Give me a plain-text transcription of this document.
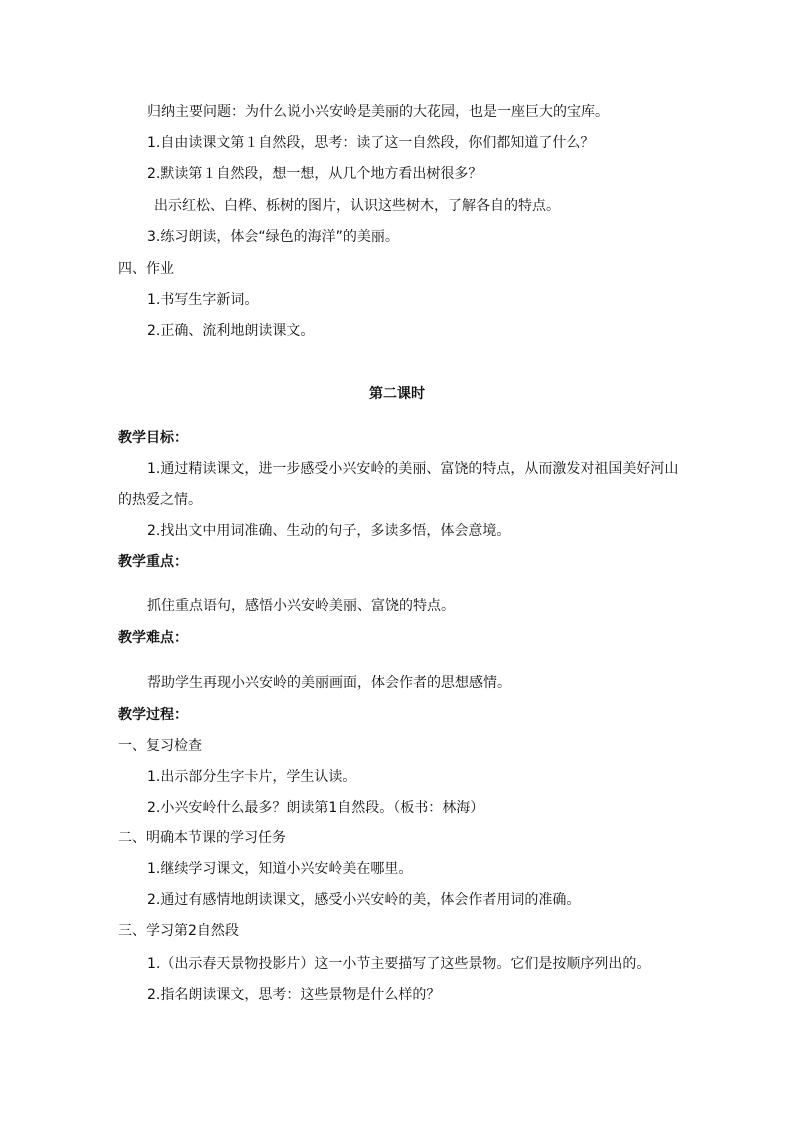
归纳主要问题：为什么说小兴安岭是美丽的大花园，也是一座巨大的宝库。
1.自由读课文第１自然段，思考：读了这一自然段，你们都知道了什么？
2.默读第１自然段，想一想，从几个地方看出树很多？
出示红松、白桦、栎树的图片，认识这些树木，了解各自的特点。
3.练习朗读，体会“绿色的海洋”的美丽。
四、作业
1.书写生字新词。
2.正确、流利地朗读课文。
第二课时
教学目标：
1.通过精读课文，进一步感受小兴安岭的美丽、富饶的特点，从而激发对祖国美好河山
的热爱之情。
2.找出文中用词准确、生动的句子，多读多悟，体会意境。
教学重点：
抓住重点语句，感悟小兴安岭美丽、富饶的特点。
教学难点：
帮助学生再现小兴安岭的美丽画面，体会作者的思想感情。
教学过程：
一、复习检查
1.出示部分生字卡片，学生认读。
2.小兴安岭什么最多？朗读第1自然段。（板书：林海）
二、明确本节课的学习任务
1.继续学习课文，知道小兴安岭美在哪里。
2.通过有感情地朗读课文，感受小兴安岭的美，体会作者用词的准确。
三、学习第2自然段
1.（出示春天景物投影片）这一小节主要描写了这些景物。它们是按顺序列出的。
2.指名朗读课文，思考：这些景物是什么样的？
